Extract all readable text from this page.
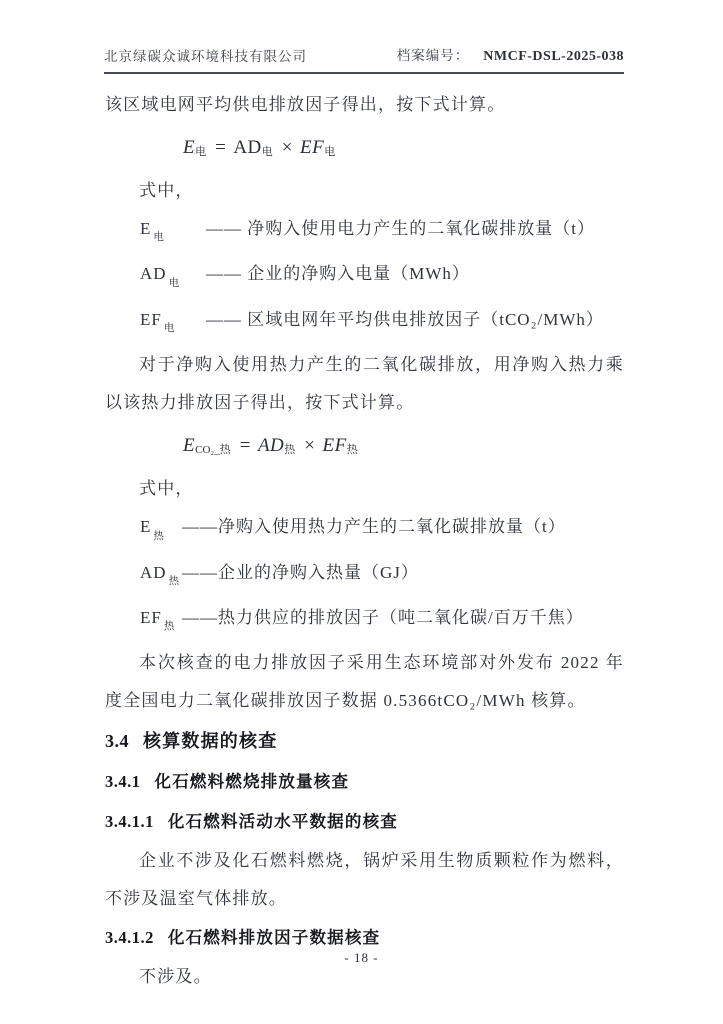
北京绿碳众诚环境科技有限公司	档案编号： NMCF-DSL-2025-038

该区域电网平均供电排放因子得出，按下式计算。

$E_电 = AD_电 \times EF_电$

式中，

E $_电$	—— 净购入使用电力产生的二氧化碳排放量（t）
AD $_电$	—— 企业的净购入电量（MWh）
EF $_电$	—— 区域电网年平均供电排放因子（tCO₂/MWh）

对于净购入使用热力产生的二氧化碳排放，用净购入热力乘以该热力排放因子得出，按下式计算。

$E_{CO_2\_热} = AD_热 \times EF_热$

式中，

E $_热$	——净购入使用热力产生的二氧化碳排放量（t）
AD $_热$ ——企业的净购入热量（GJ）
EF $_热$ ——热力供应的排放因子（吨二氧化碳/百万千焦）

本次核查的电力排放因子采用生态环境部对外发布 2022 年度全国电力二氧化碳排放因子数据 0.5366tCO₂/MWh 核算。

3.4 核算数据的核查
3.4.1 化石燃料燃烧排放量核查
3.4.1.1 化石燃料活动水平数据的核查

企业不涉及化石燃料燃烧，锅炉采用生物质颗粒作为燃料，不涉及温室气体排放。

3.4.1.2 化石燃料排放因子数据核查

不涉及。

- 18 -
